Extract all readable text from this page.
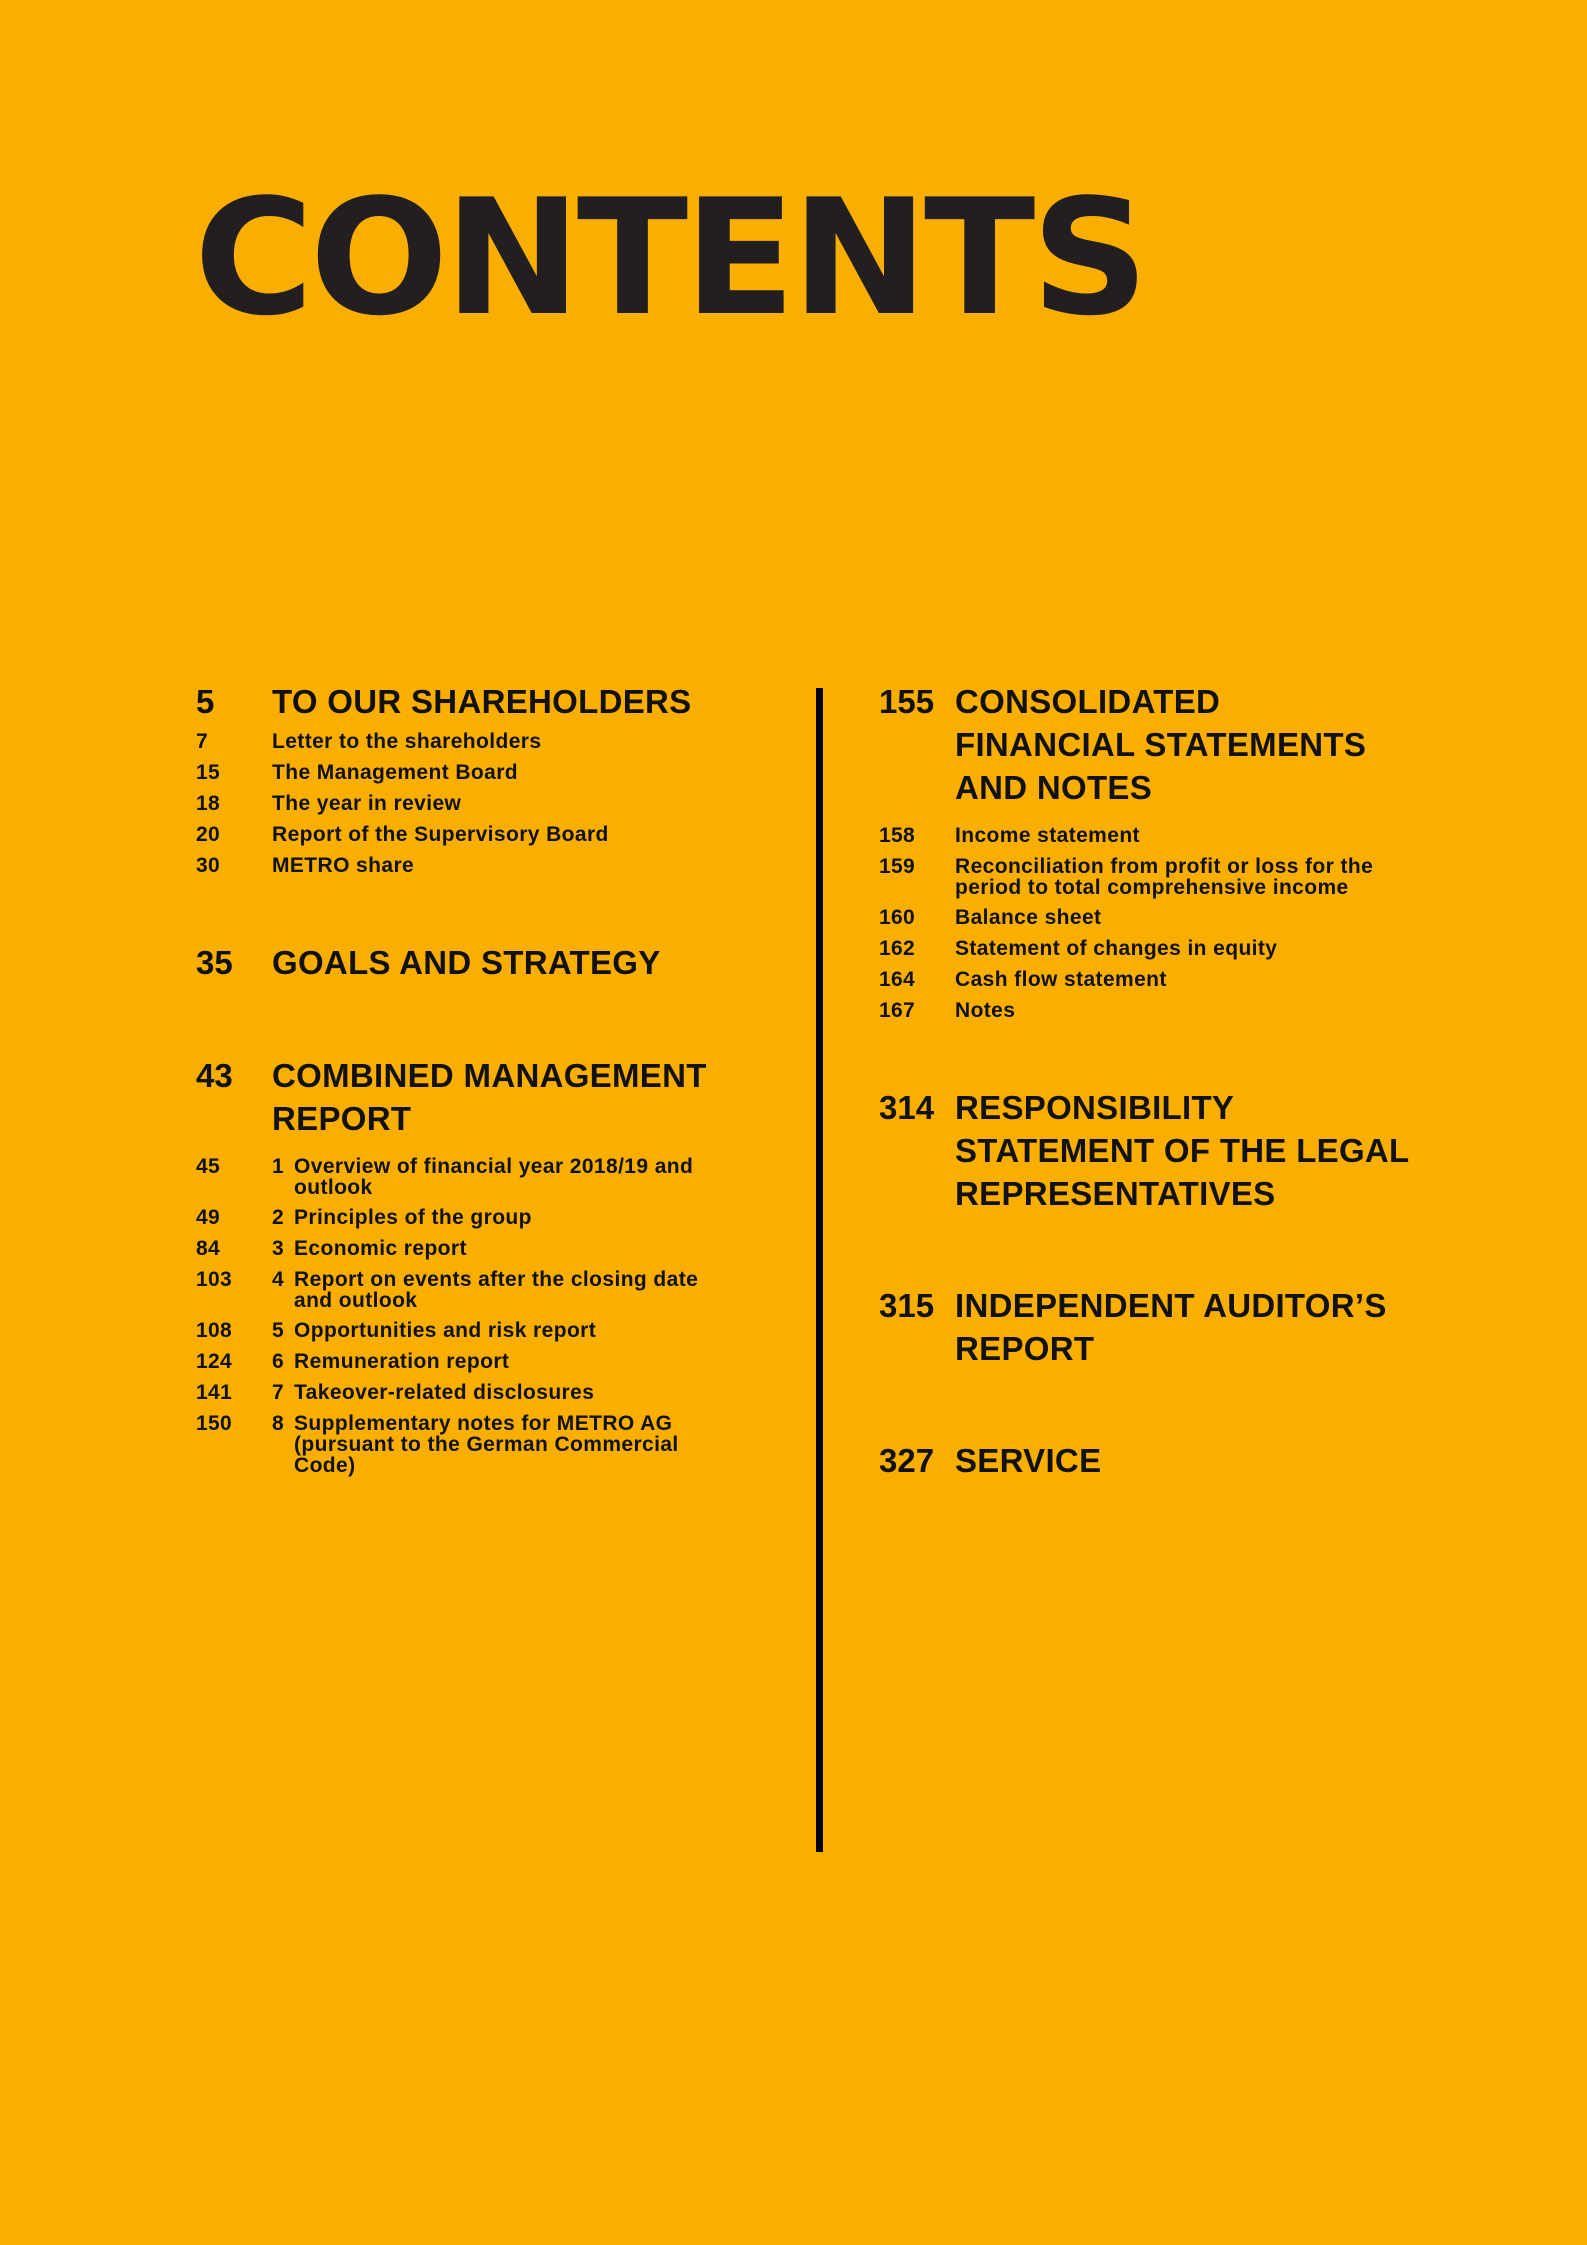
CONTENTS
5	TO OUR SHAREHOLDERS
7	Letter to the shareholders
15	The Management Board
18	The year in review
20	Report of the Supervisory Board
30	METRO share
35	GOALS AND STRATEGY
43	COMBINED MANAGEMENT
REPORT
45	1 Overview of financial year 2018/19 and
outlook
49	2 Principles of the group
84	3 Economic report
103	4 Report on events after the closing date
and outlook
108	5 Opportunities and risk report
124	6 Remuneration report
141	7 Takeover-related disclosures
150	8 Supplementary notes for METRO AG
(pursuant to the German Commercial
Code)
155 CONSOLIDATED
FINANCIAL STATEMENTS
AND NOTES
158	Income statement
159	Reconciliation from profit or loss for the
period to total comprehensive income
160	Balance sheet
162	Statement of changes in equity
164	Cash flow statement
167	Notes
314 RESPONSIBILITY
STATEMENT OF THE LEGAL
REPRESENTATIVES
315 INDEPENDENT AUDITOR’S
REPORT
327 SERVICE
